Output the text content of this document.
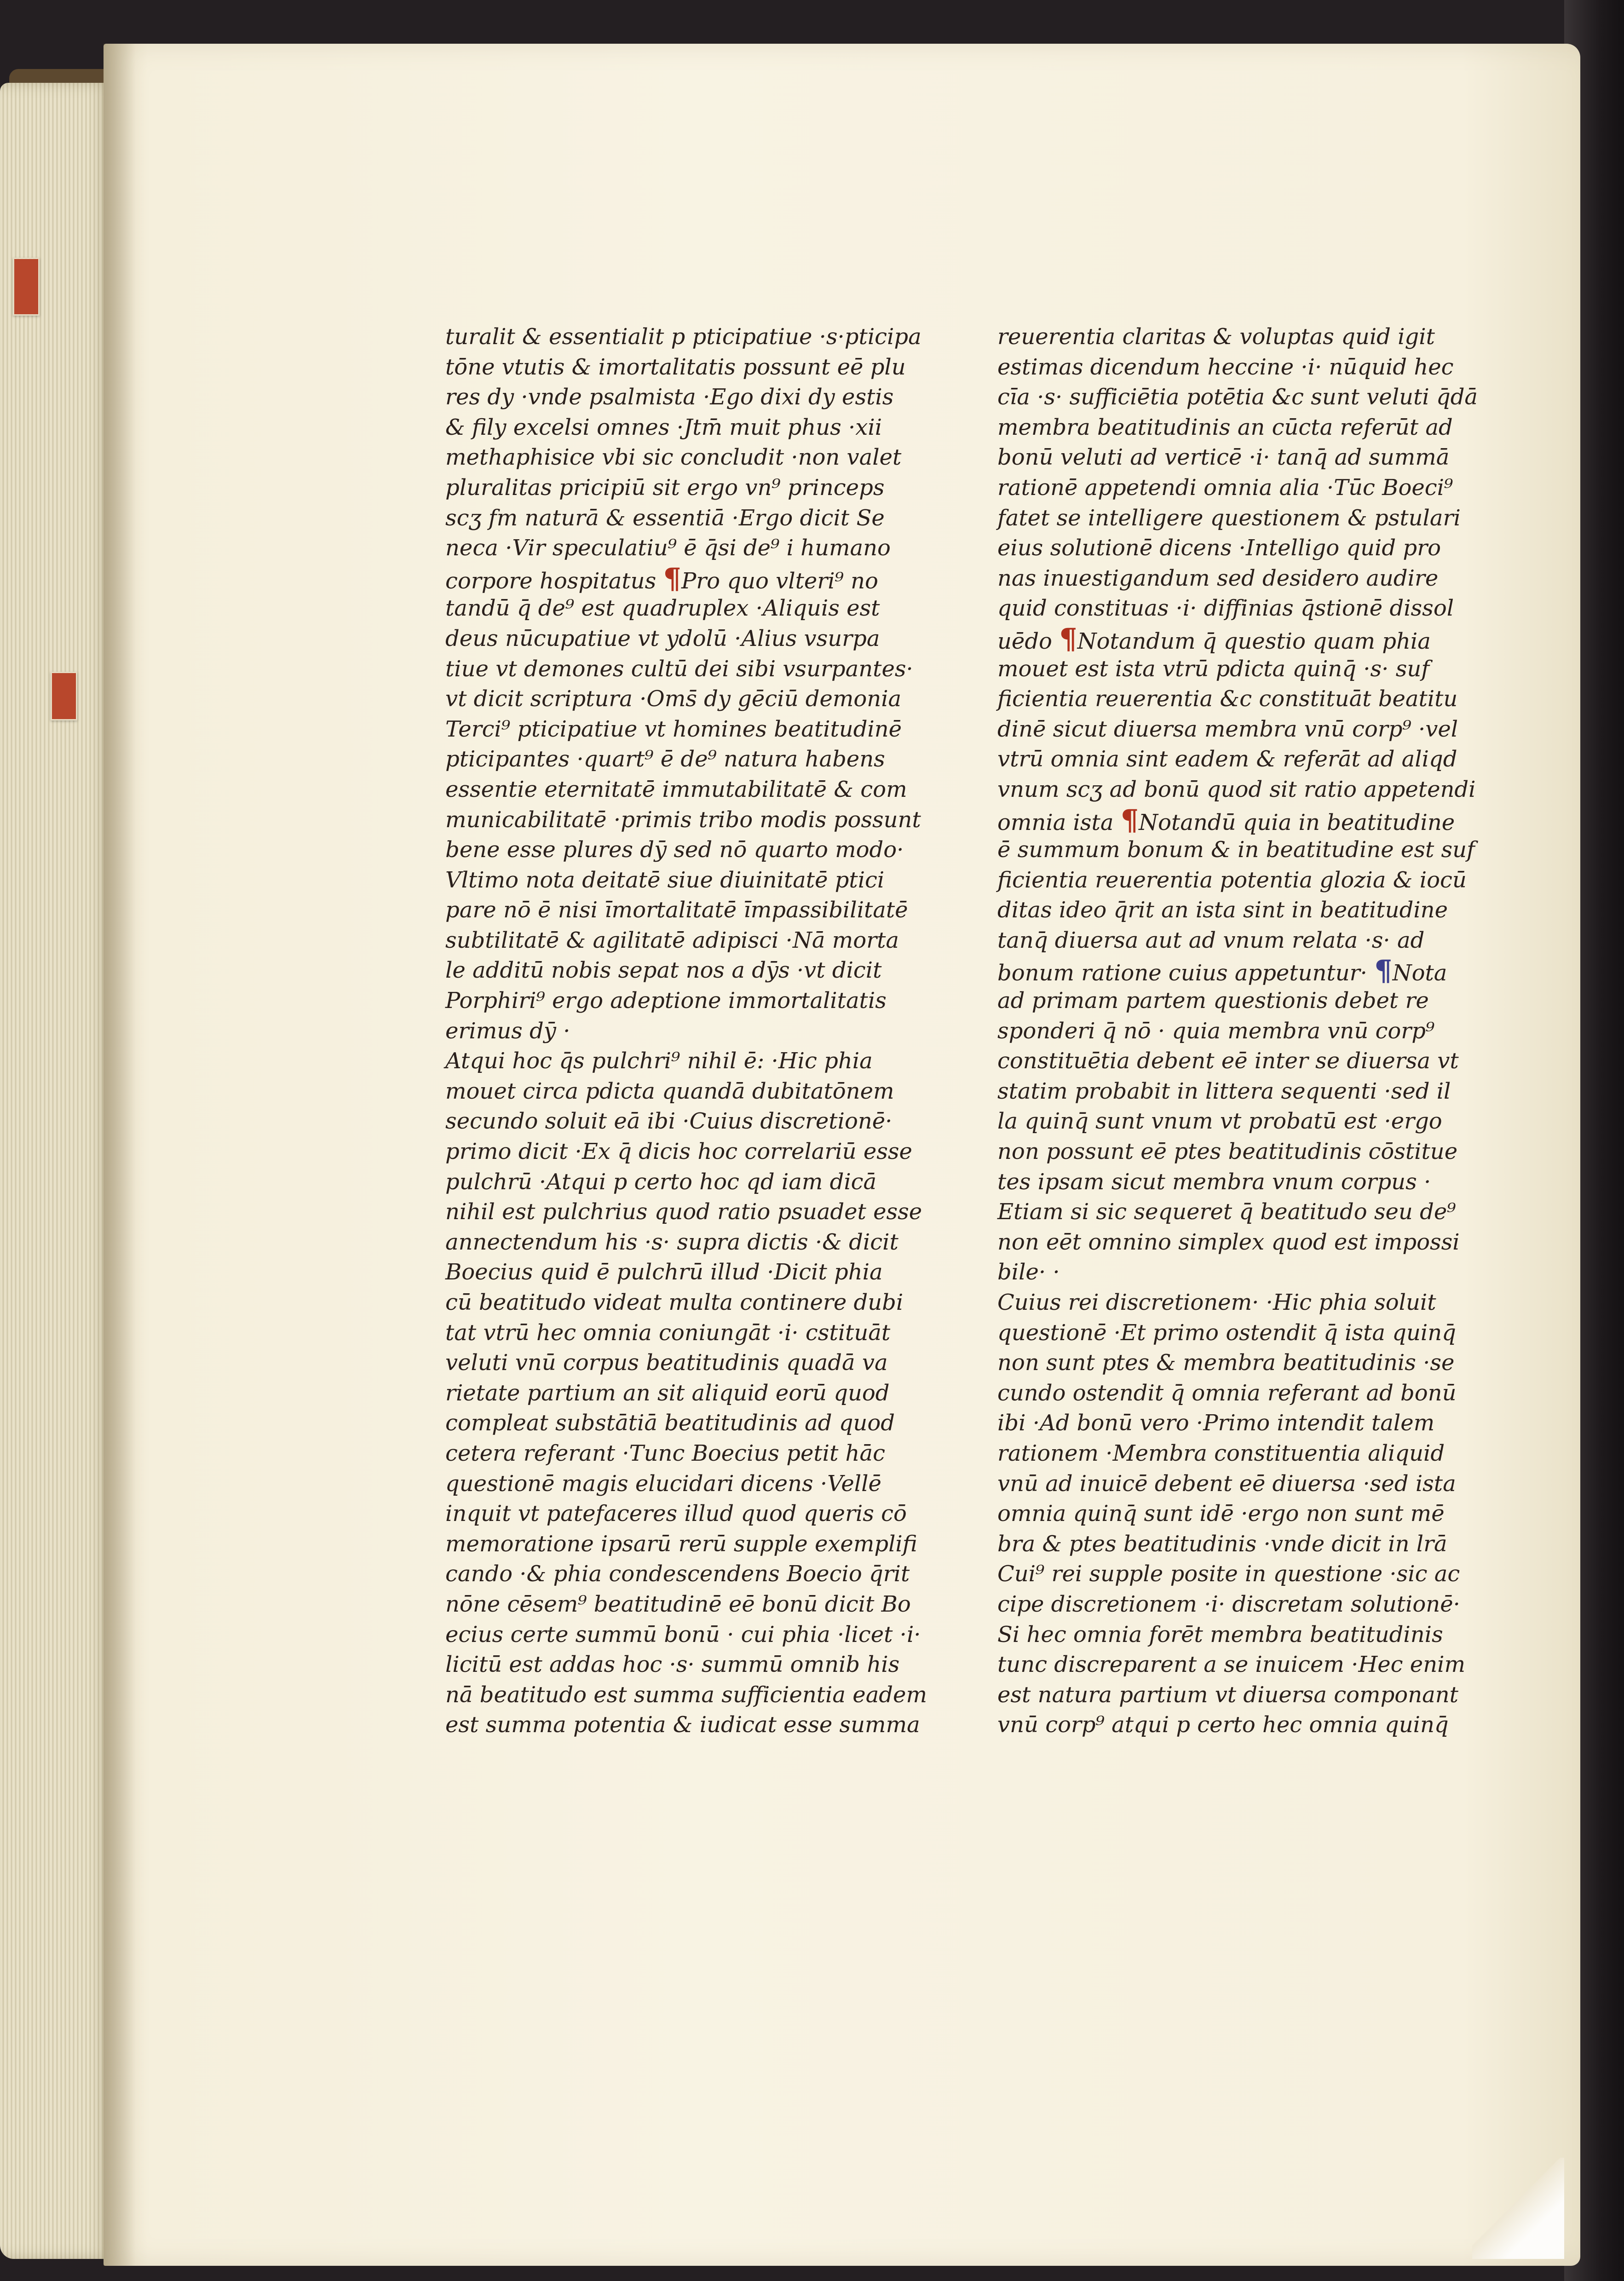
turalit & essentialit p pticipatiue ·s·pticipa
tōne vtutis & imortalitatis possunt eē plu
res dy ·vnde psalmista ·Ego dixi dy estis
& fily excelsi omnes ·Jtm̄ muit phus ·xii
methaphisice vbi sic concludit ·non valet
pluralitas pricipiū sit ergo vn⁹ princeps
scʒ fm naturā & essentiā ·Ergo dicit Se
neca ·Vir speculatiu⁹ ē q̄si de⁹ i humano
corpore hospitatus ¶Pro quo vlteri⁹ no
tandū q̄ de⁹ est quadruplex ·Aliquis est
deus nūcupatiue vt ydolū ·Alius vsurpa
tiue vt demones cultū dei sibi vsurpantes·
vt dicit scriptura ·Oms̄ dy gēciū demonia
Terci⁹ pticipatiue vt homines beatitudinē
pticipantes ·quart⁹ ē de⁹ natura habens
essentie eternitatē immutabilitatē & com
municabilitatē ·primis tribo modis possunt
bene esse plures dȳ sed nō quarto modo·
Vltimo nota deitatē siue diuinitatē ptici
pare nō ē nisi īmortalitatē īmpassibilitatē
subtilitatē & agilitatē adipisci ·Nā morta
le additū nobis sepat nos a dȳs ·vt dicit
Porphiri⁹ ergo adeptione immortalitatis
erimus dȳ ·
Atqui hoc q̄s pulchri⁹ nihil ē: ·Hic phia
mouet circa pdicta quandā dubitatōnem
secundo soluit eā ibi ·Cuius discretionē·
primo dicit ·Ex q̄ dicis hoc correlariū esse
pulchrū ·Atqui p certo hoc qd iam dicā
nihil est pulchrius quod ratio psuadet esse
annectendum his ·s· supra dictis ·& dicit
Boecius quid ē pulchrū illud ·Dicit phia
cū beatitudo videat multa continere dubi
tat vtrū hec omnia coniungāt ·i· cstituāt
veluti vnū corpus beatitudinis quadā va
rietate partium an sit aliquid eorū quod
compleat substātiā beatitudinis ad quod
cetera referant ·Tunc Boecius petit hāc
questionē magis elucidari dicens ·Vellē
inquit vt patefaceres illud quod queris cō
memoratione ipsarū rerū supple exemplifi
cando ·& phia condescendens Boecio q̄rit
nōne cēsem⁹ beatitudinē eē bonū dicit Bo
ecius certe summū bonū · cui phia ·licet ·i·
licitū est addas hoc ·s· summū omnib his
nā beatitudo est summa sufficientia eadem
est summa potentia & iudicat esse summa
reuerentia claritas & voluptas quid igit
estimas dicendum heccine ·i· nūquid hec
cīa ·s· sufficiētia potētia &c sunt veluti q̄dā
membra beatitudinis an cūcta referūt ad
bonū veluti ad verticē ·i· tanq̄ ad summā
rationē appetendi omnia alia ·Tūc Boeci⁹
fatet se intelligere questionem & pstulari
eius solutionē dicens ·Intelligo quid pro
nas inuestigandum sed desidero audire
quid constituas ·i· diffinias q̄stionē dissol
uēdo ¶Notandum q̄ questio quam phia
mouet est ista vtrū pdicta quinq̄ ·s· suf
ficientia reuerentia &c constituāt beatitu
dinē sicut diuersa membra vnū corp⁹ ·vel
vtrū omnia sint eadem & referāt ad aliqd
vnum scʒ ad bonū quod sit ratio appetendi
omnia ista ¶Notandū quia in beatitudine
ē summum bonum & in beatitudine est suf
ficientia reuerentia potentia glozia & iocū
ditas ideo q̄rit an ista sint in beatitudine
tanq̄ diuersa aut ad vnum relata ·s· ad
bonum ratione cuius appetuntur· ¶Nota
ad primam partem questionis debet re
sponderi q̄ nō · quia membra vnū corp⁹
constituētia debent eē inter se diuersa vt
statim probabit in littera sequenti ·sed il
la quinq̄ sunt vnum vt probatū est ·ergo
non possunt eē ptes beatitudinis cōstitue
tes ipsam sicut membra vnum corpus ·
Etiam si sic sequeret q̄ beatitudo seu de⁹
non eēt omnino simplex quod est impossi
bile· ·
Cuius rei discretionem· ·Hic phia soluit
questionē ·Et primo ostendit q̄ ista quinq̄
non sunt ptes & membra beatitudinis ·se
cundo ostendit q̄ omnia referant ad bonū
ibi ·Ad bonū vero ·Primo intendit talem
rationem ·Membra constituentia aliquid
vnū ad inuicē debent eē diuersa ·sed ista
omnia quinq̄ sunt idē ·ergo non sunt mē
bra & ptes beatitudinis ·vnde dicit in lrā
Cui⁹ rei supple posite in questione ·sic ac
cipe discretionem ·i· discretam solutionē·
Si hec omnia forēt membra beatitudinis
tunc discreparent a se inuicem ·Hec enim
est natura partium vt diuersa componant
vnū corp⁹ atqui p certo hec omnia quinq̄
